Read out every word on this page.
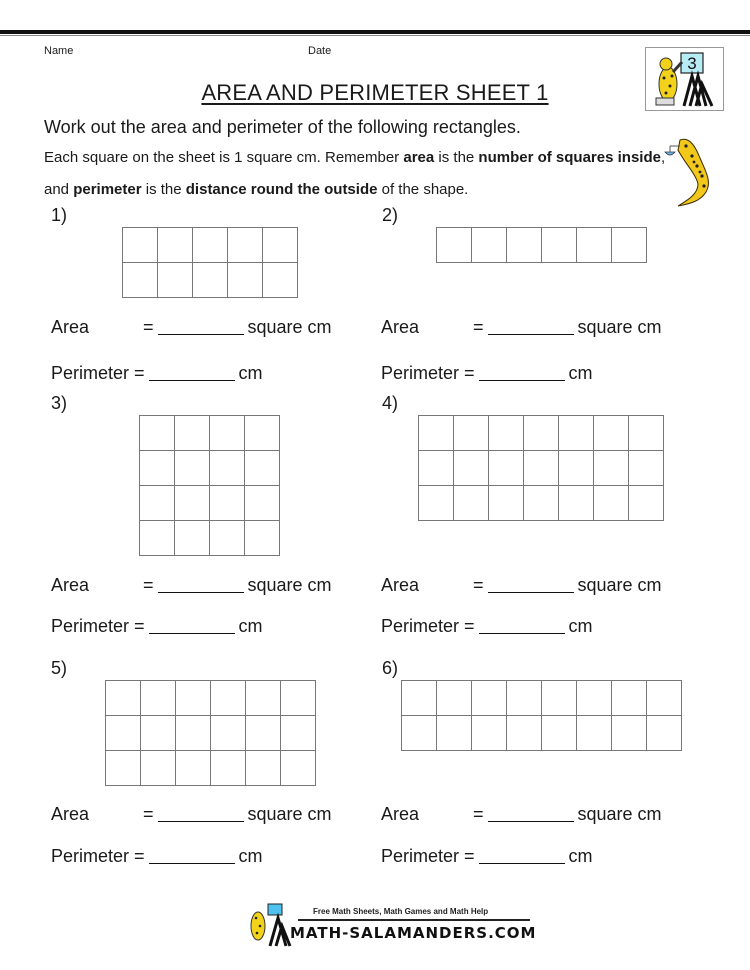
Name	Date
3
AREA AND PERIMETER SHEET 1
Work out the area and perimeter of the following rectangles.
Each square on the sheet is 1 square cm. Remember area is the number of squares inside, and perimeter is the distance round the outside of the shape.
1)

Area	=	square cm
Perimeter =	cm
2)

Area	=	square cm
Perimeter =	cm
3)

Area	=	square cm
Perimeter =	cm
4)

Area	=	square cm
Perimeter =	cm
5)

Area	=	square cm
Perimeter =	cm
6)

Area	=	square cm
Perimeter =	cm
Free Math Sheets, Math Games and Math Help
MATH-SALAMANDERS.COM
